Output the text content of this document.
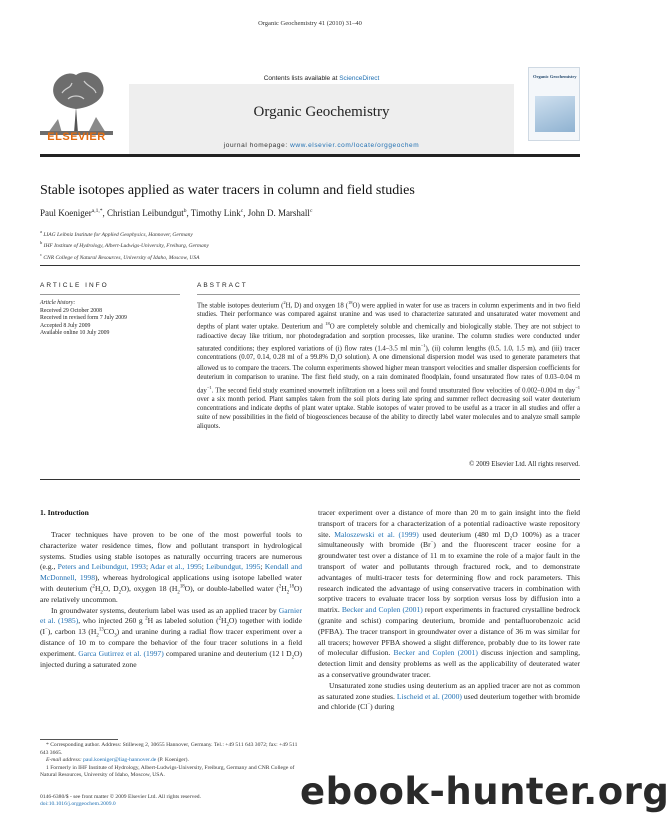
Organic Geochemistry 41 (2010) 31–40
ELSEVIER
Contents lists available at ScienceDirect
Organic Geochemistry
journal homepage: www.elsevier.com/locate/orggeochem
Organic Geochemistry
Stable isotopes applied as water tracers in column and field studies
Paul Koeniger$^{a,1,*}$, Christian Leibundgut$^b$, Timothy Link$^c$, John D. Marshall$^c$
$^a$ LIAG Leibniz Institute for Applied Geophysics, Hannover, Germany
$^b$ IHF Institute of Hydrology, Albert-Ludwigs-University, Freiburg, Germany
$^c$ CNR College of Natural Resources, University of Idaho, Moscow, USA
ARTICLE INFO	ABSTRACT
Article history:
Received 29 October 2008
Received in revised form 7 July 2009
Accepted 8 July 2009
Available online 10 July 2009
The stable isotopes deuterium ($^2$H, D) and oxygen 18 ($^{18}$O) were applied in water for use as tracers in column experiments and in two field studies. Their performance was compared against uranine and was used to characterize saturated and unsaturated water movement and depths of plant water uptake. Deuterium and $^{18}$O are completely soluble and chemically and biologically stable. They are not subject to radioactive decay like tritium, nor photodegradation and sorption processes, like uranine. The column studies were conducted under saturated conditions; they explored variations of (i) flow rates (1.4–3.5 ml $\min^{-1}$), (ii) column lengths (0.5, 1.0, 1.5 m), and (iii) tracer concentrations (0.07, 0.14, 0.28 ml of a 99.8% $D_2O$ solution). A one dimensional dispersion model was used to generate parameters that allowed us to compare the tracers. The column experiments showed higher mean transport velocities and smaller dispersion coefficients for deuterium in comparison to uranine. The first field study, on a rain dominated floodplain, found unsaturated flow rates of 0.03–0.04 m day$^{-1}$. The second field study examined snowmelt infiltration on a loess soil and found unsaturated flow velocities of 0.002–0.004 m day$^{-1}$ over a six month period. Plant samples taken from the soil plots during late spring and summer reflect decreasing soil water deuterium concentrations and indicate depths of plant water uptake. Stable isotopes of water proved to be useful as a tracer in all studies and offer a suite of new possibilities in the field of biogeosciences because of the ability to directly label water molecules and to analyze small sample aliquots.
© 2009 Elsevier Ltd. All rights reserved.
1. Introduction

Tracer techniques have proven to be one of the most powerful tools to characterize water residence times, flow and pollutant transport in hydrological systems. Studies using stable isotopes as naturally occurring tracers are numerous (e.g., Peters and Leibundgut, 1993; Adar et al., 1995; Leibundgut, 1995; Kendall and McDonnell, 1998), whereas hydrological applications using isotope labelled water with deuterium ($^2H_2O$, $D_2O$), oxygen 18 $(H_2^{18}O)$, or double-labelled water $(^2H_2^{18}O)$ are relatively uncommon.

In groundwater systems, deuterium label was used as an applied tracer by Garnier et al. (1985), who injected 260 g $^2$H as labeled solution $(^2H_2O)$ together with iodide (I−), carbon 13 $(H_2^{13}CO_3)$ and uranine during a radial flow tracer experiment over a distance of 10 m to compare the behavior of the four tracer solutions in a field experiment. Garca Gutirrez et al. (1997) compared uranine and deuterium (12 l $D_2O$) injected during a saturated zone

tracer experiment over a distance of more than 20 m to gain insight into the field transport of tracers for a characterization of a potential radioactive waste repository site. Maloszewski et al. (1999) used deuterium (480 ml $D_2O$ 100%) as a tracer simultaneously with bromide (Br−) and the fluorescent tracer eosine for a groundwater test over a distance of 11 m to examine the role of a major fault in the transport of water and pollutants through fractured rock, and to demonstrate advantages of multi-tracer tests for determining flow and rock parameters. This research indicated the advantage of using conservative tracers in combination with sorptive tracers to evaluate tracer loss by sorption versus loss by diffusion into a matrix. Becker and Coplen (2001) report experiments in fractured crystalline bedrock (granite and schist) comparing deuterium, bromide and pentafluorobenzoic acid (PFBA). The tracer transport in groundwater over a distance of 36 m was similar for all tracers; however PFBA showed a slight difference, probably due to its lower rate of molecular diffusion. Becker and Coplen (2001) discuss injection and sampling, detection limit and density problems as well as the applicability of deuterated water as a conservative groundwater tracer.

Unsaturated zone studies using deuterium as an applied tracer are not as common as saturated zone studies. Lischeid et al. (2000) used deuterium together with bromide and chloride (Cl−) during

* Corresponding author. Address: Stilleweg 2, 30655 Hannover, Germany. Tel.: +49 511 643 3072; fax: +49 511 643 3665.

E-mail address: paul.koeniger@liag-hannover.de (P. Koeniger).

1 Formerly in IHF Institute of Hydrology, Albert-Ludwigs-University, Freiburg, Germany and CNR College of Natural Resources, University of Idaho, Moscow, USA.

0146-6380/$ - see front matter © 2009 Elsevier Ltd. All rights reserved.
doi:10.1016/j.orggeochem.2009.0	ebook-hunter.org
